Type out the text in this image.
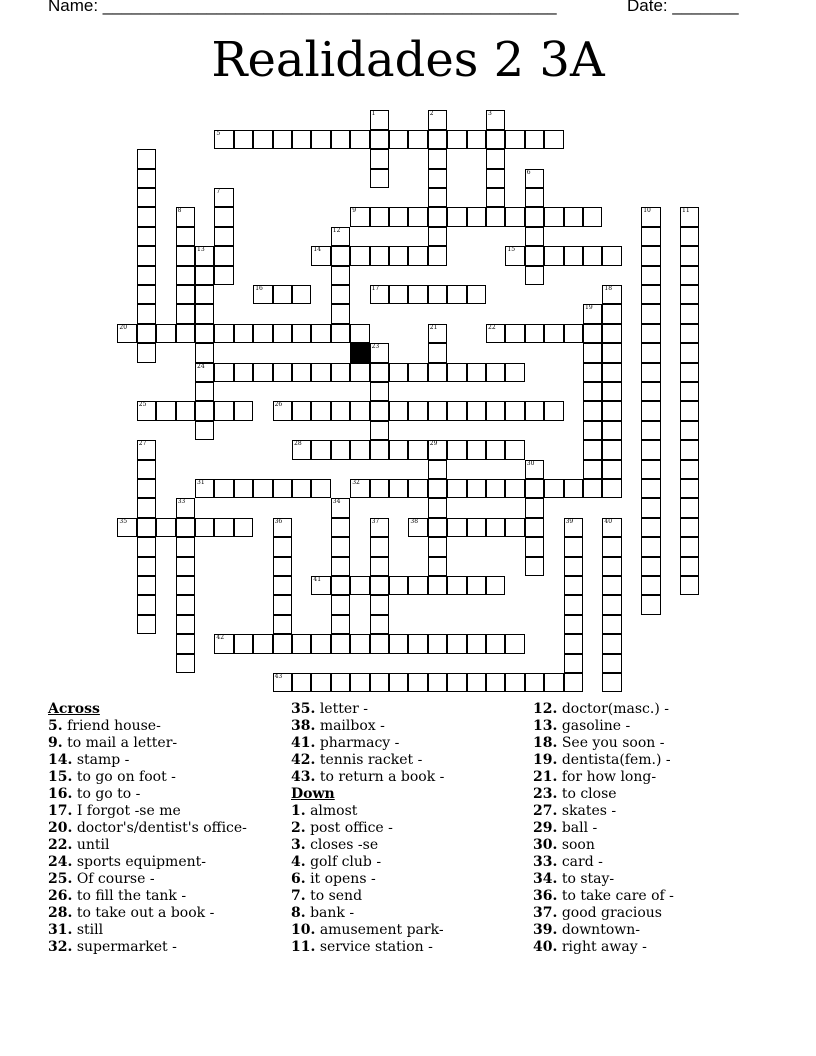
Name: ________________________________________________	Date: _______
Realidades 2 3A
1	2	3
5
6
7
8	9	10	11
12
13	14	15
16	17	18
19
20	21	22
23
24
25	26
27	28	29
30
31	32
33	34
35	36	37	38	39	40
41
42
43
Across
5. friend house-
9. to mail a letter-
14. stamp -
15. to go on foot -
16. to go to -
17. I forgot -se me
20. doctor's/dentist's office-
22. until
24. sports equipment-
25. Of course -
26. to fill the tank -
28. to take out a book -
31. still
32. supermarket -
35. letter -
38. mailbox -
41. pharmacy -
42. tennis racket -
43. to return a book -
Down
1. almost
2. post office -
3. closes -se
4. golf club -
6. it opens -
7. to send
8. bank -
10. amusement park-
11. service station -
12. doctor(masc.) -
13. gasoline -
18. See you soon -
19. dentista(fem.) -
21. for how long-
23. to close
27. skates -
29. ball -
30. soon
33. card -
34. to stay-
36. to take care of -
37. good gracious
39. downtown-
40. right away -
